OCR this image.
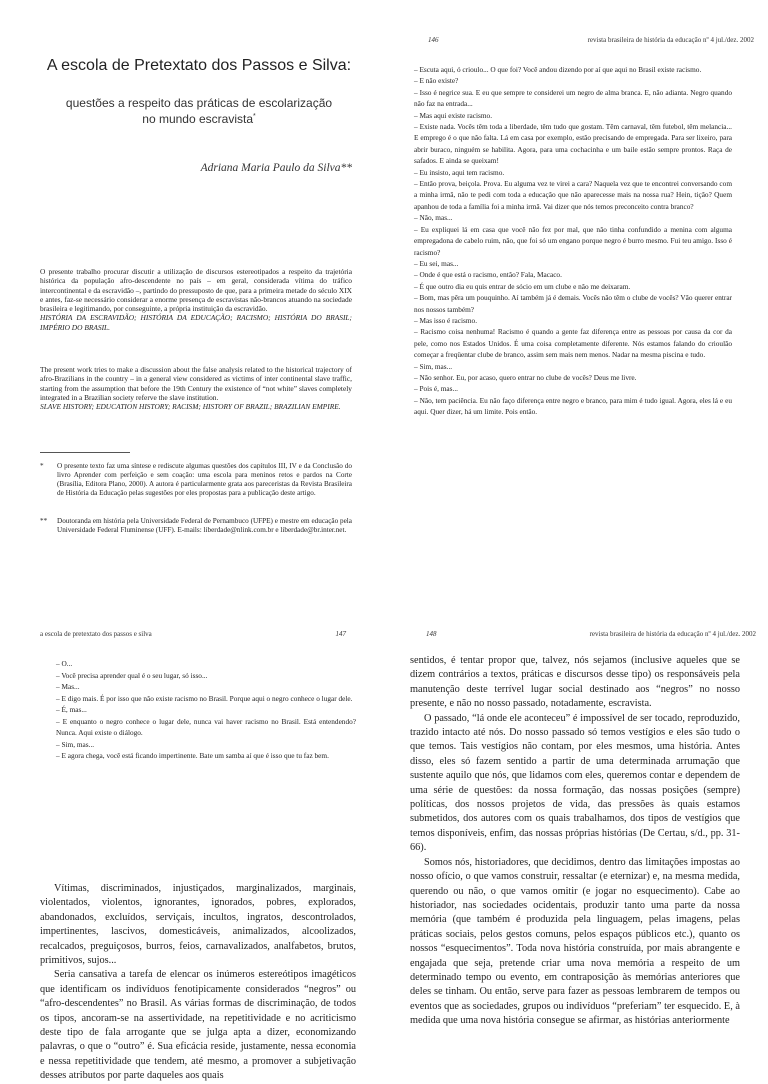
A escola de Pretextato dos Passos e Silva:
questões a respeito das práticas de escolarização no mundo escravista*
Adriana Maria Paulo da Silva**

O presente trabalho procurar discutir a utilização de discursos estereotipados a respeito da trajetória histórica da população afro-descendente no país – em geral, considerada vítima do tráfico intercontinental e da escravidão –, partindo do pressuposto de que, para a primeira metade do século XIX e antes, faz-se necessário considerar a enorme presença de escravistas não-brancos atuando na sociedade brasileira e legitimando, por conseguinte, a própria instituição da escravidão.

HISTÓRIA DA ESCRAVIDÃO; HISTÓRIA DA EDUCAÇÃO; RACISMO; HISTÓRIA DO BRASIL; IMPÉRIO DO BRASIL.

The present work tries to make a discussion about the false analysis related to the historical trajectory of afro-Brazilians in the country – in a general view considered as victims of inter continental slave traffic, starting from the assumption that before the 19th Century the existence of “not white” slaves completely integrated in a Brazilian society referve the slave institution.

SLAVE HISTORY; EDUCATION HISTORY; RACISM; HISTORY OF BRAZIL; BRAZILIAN EMPIRE.

*	O presente texto faz uma síntese e rediscute algumas questões dos capítulos III, IV e da Conclusão do livro Aprender com perfeição e sem coação: uma escola para meninos retos e pardos na Corte (Brasília, Editora Plano, 2000). A autora é particularmente grata aos pareceristas da Revista Brasileira de História da Educação pelas sugestões por eles propostas para a publicação deste artigo.
**	Doutoranda em história pela Universidade Federal de Pernambuco (UFPE) e mestre em educação pela Universidade Federal Fluminense (UFF). E-mails: liberdade@nlink.com.br e liberdade@br.inter.net.
146	revista brasileira de história da educação nº 4 jul./dez. 2002

– Escuta aqui, ó crioulo... O que foi? Você andou dizendo por aí que aqui no Brasil existe racismo.

– E não existe?

– Isso é negrice sua. E eu que sempre te considerei um negro de alma branca. E, não adianta. Negro quando não faz na entrada...

– Mas aqui existe racismo.

– Existe nada. Vocês têm toda a liberdade, têm tudo que gostam. Têm carnaval, têm futebol, têm melancia... E emprego é o que não falta. Lá em casa por exemplo, estão precisando de empregada. Para ser lixeiro, para abrir buraco, ninguém se habilita. Agora, para uma cochacinha e um baile estão sempre prontos. Raça de safados. E ainda se queixam!

– Eu insisto, aqui tem racismo.

– Então prova, beiçola. Prova. Eu alguma vez te virei a cara? Naquela vez que te encontrei conversando com a minha irmã, não te pedi com toda a educação que não aparecesse mais na nossa rua? Hein, tição? Quem apanhou de toda a família foi a minha irmã. Vai dizer que nós temos preconceito contra branco?

– Não, mas...

– Eu expliquei lá em casa que você não fez por mal, que não tinha confundido a menina com alguma empregadona de cabelo ruim, não, que foi só um engano porque negro é burro mesmo. Fui teu amigo. Isso é racismo?

– Eu sei, mas...

– Onde é que está o racismo, então? Fala, Macaco.

– É que outro dia eu quis entrar de sócio em um clube e não me deixaram.

– Bom, mas pêra um pouquinho. Aí também já é demais. Vocês não têm o clube de vocês? Vão querer entrar nos nossos também?

– Mas isso é racismo.

– Racismo coisa nenhuma! Racismo é quando a gente faz diferença entre as pessoas por causa da cor da pele, como nos Estados Unidos. É uma coisa completamente diferente. Nós estamos falando do crioulão começar a freqüentar clube de branco, assim sem mais nem menos. Nadar na mesma piscina e tudo.

– Sim, mas...

– Não senhor. Eu, por acaso, quero entrar no clube de vocês? Deus me livre.

– Pois é, mas...

– Não, tem paciência. Eu não faço diferença entre negro e branco, para mim é tudo igual. Agora, eles lá e eu aqui. Quer dizer, há um limite. Pois então.

a escola de pretextato dos passos e silva	147

– O...

– Você precisa aprender qual é o seu lugar, só isso...

– Mas...

– E digo mais. É por isso que não existe racismo no Brasil. Porque aqui o negro conhece o lugar dele.

– É, mas...

– E enquanto o negro conhece o lugar dele, nunca vai haver racismo no Brasil. Está entendendo? Nunca. Aqui existe o diálogo.

– Sim, mas...

– E agora chega, você está ficando impertinente. Bate um samba aí que é isso que tu faz bem.

Vítimas, discriminados, injustiçados, marginalizados, marginais, violentados, violentos, ignorantes, ignorados, pobres, explorados, abandonados, excluídos, serviçais, incultos, ingratos, descontrolados, impertinentes, lascivos, domesticáveis, animalizados, alcoolizados, recalcados, preguiçosos, burros, feios, carnavalizados, analfabetos, brutos, primitivos, sujos...

Seria cansativa a tarefa de elencar os inúmeros estereótipos imagéticos que identificam os indivíduos fenotipicamente considerados “negros” ou “afro-descendentes” no Brasil. As várias formas de discriminação, de todos os tipos, ancoram-se na assertividade, na repetitividade e no acriticismo deste tipo de fala arrogante que se julga apta a dizer, economizando palavras, o que o “outro” é. Sua eficácia reside, justamente, nessa economia e nessa repetitividade que tendem, até mesmo, a promover a subjetivação desses atributos por parte daqueles aos quais

148	revista brasileira de história da educação nº 4 jul./dez. 2002

sentidos, é tentar propor que, talvez, nós sejamos (inclusive aqueles que se dizem contrários a textos, práticas e discursos desse tipo) os responsáveis pela manutenção deste terrível lugar social destinado aos “negros” no nosso presente, e não no nosso passado, notadamente, escravista.

O passado, “lá onde ele aconteceu” é impossível de ser tocado, reproduzido, trazido intacto até nós. Do nosso passado só temos vestígios e eles são tudo o que temos. Tais vestígios não contam, por eles mesmos, uma história. Antes disso, eles só fazem sentido a partir de uma determinada arrumação que sustente aquilo que nós, que lidamos com eles, queremos contar e dependem de uma série de questões: da nossa formação, das nossas posições (sempre) políticas, dos nossos projetos de vida, das pressões às quais estamos submetidos, dos autores com os quais trabalhamos, dos tipos de vestígios que temos disponíveis, enfim, das nossas próprias histórias (De Certau, s/d., pp. 31-66).

Somos nós, historiadores, que decidimos, dentro das limitações impostas ao nosso ofício, o que vamos construir, ressaltar (e eternizar) e, na mesma medida, querendo ou não, o que vamos omitir (e jogar no esquecimento). Cabe ao historiador, nas sociedades ocidentais, produzir tanto uma parte da nossa memória (que também é produzida pela linguagem, pelas imagens, pelas práticas sociais, pelos gestos comuns, pelos espaços públicos etc.), quanto os nossos “esquecimentos”. Toda nova história construída, por mais abrangente e engajada que seja, pretende criar uma nova memória a respeito de um determinado tempo ou evento, em contraposição às memórias anteriores que deles se tinham. Ou então, serve para fazer as pessoas lembrarem de tempos ou eventos que as sociedades, grupos ou indivíduos “preferiam” ter esquecido. E, à medida que uma nova história consegue se afirmar, as histórias anteriormente
